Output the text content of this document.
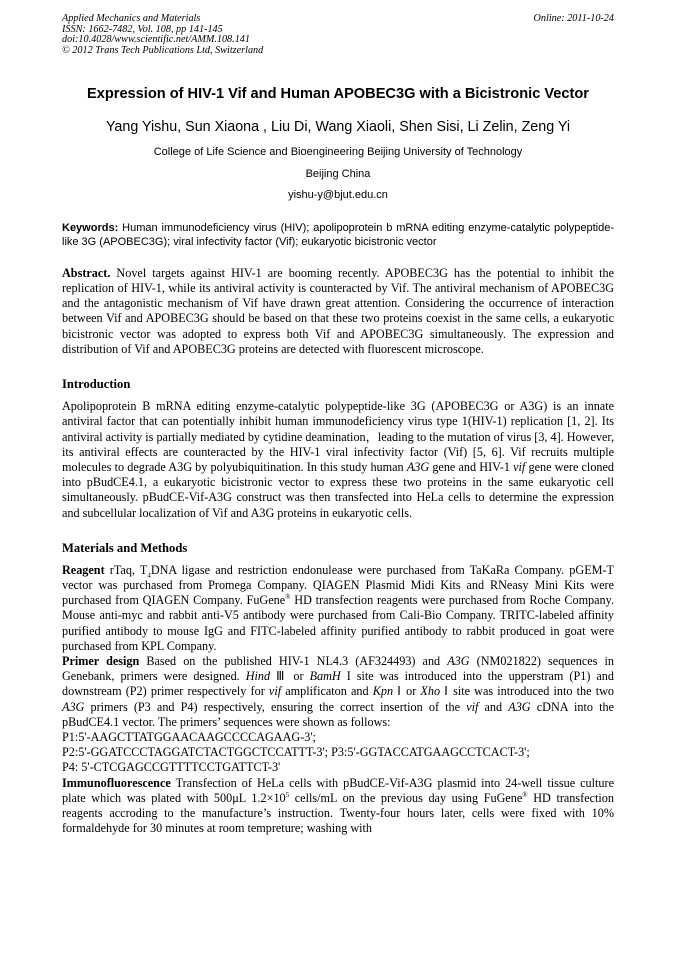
Applied Mechanics and Materials
ISSN: 1662-7482, Vol. 108, pp 141-145
doi:10.4028/www.scientific.net/AMM.108.141
© 2012 Trans Tech Publications Ltd, Switzerland
Online: 2011-10-24
Expression of HIV-1 Vif and Human APOBEC3G with a Bicistronic Vector
Yang Yishu, Sun Xiaona , Liu Di, Wang Xiaoli, Shen Sisi, Li Zelin, Zeng Yi
College of Life Science and Bioengineering Beijing University of Technology
Beijing China
yishu-y@bjut.edu.cn
Keywords: Human immunodeficiency virus (HIV); apolipoprotein b mRNA editing enzyme-catalytic polypeptide-like 3G (APOBEC3G); viral infectivity factor (Vif); eukaryotic bicistronic vector
Abstract. Novel targets against HIV-1 are booming recently. APOBEC3G has the potential to inhibit the replication of HIV-1, while its antiviral activity is counteracted by Vif. The antiviral mechanism of APOBEC3G and the antagonistic mechanism of Vif have drawn great attention. Considering the occurrence of interaction between Vif and APOBEC3G should be based on that these two proteins coexist in the same cells, a eukaryotic bicistronic vector was adopted to express both Vif and APOBEC3G simultaneously. The expression and distribution of Vif and APOBEC3G proteins are detected with fluorescent microscope.
Introduction
Apolipoprotein B mRNA editing enzyme-catalytic polypeptide-like 3G (APOBEC3G or A3G) is an innate antiviral factor that can potentially inhibit human immunodeficiency virus type 1(HIV-1) replication [1, 2]. Its antiviral activity is partially mediated by cytidine deamination，leading to the mutation of virus [3, 4]. However, its antiviral effects are counteracted by the HIV-1 viral infectivity factor (Vif) [5, 6]. Vif recruits multiple molecules to degrade A3G by polyubiquitination. In this study human A3G gene and HIV-1 vif gene were cloned into pBudCE4.1, a eukaryotic bicistronic vector to express these two proteins in the same eukaryotic cell simultaneously. pBudCE-Vif-A3G construct was then transfected into HeLa cells to determine the expression and subcellular localization of Vif and A3G proteins in eukaryotic cells.
Materials and Methods
Reagent rTaq, $T_4DNA$ ligase and restriction endonulease were purchased from TaKaRa Company. pGEM-T vector was purchased from Promega Company. QIAGEN Plasmid Midi Kits and RNeasy Mini Kits were purchased from QIAGEN Company. FuGene® HD transfection reagents were purchased from Roche Company. Mouse anti-myc and rabbit anti-V5 antibody were purchased from Cali-Bio Company. TRITC-labeled affinity purified antibody to mouse IgG and FITC-labeled affinity purified antibody to rabbit produced in goat were purchased from KPL Company.
Primer design Based on the published HIV-1 NL4.3 (AF324493) and A3G (NM021822) sequences in Genebank, primers were designed. Hind Ⅲ or BamH I site was introduced into the upperstram (P1) and downstream (P2) primer respectively for vif amplificaton and Kpn Ⅰ or Xho Ⅰ site was introduced into the two A3G primers (P3 and P4) respectively, ensuring the correct insertion of the vif and A3G cDNA into the pBudCE4.1 vector. The primers’ sequences were shown as follows:
P1:5'-AAGCTTATGGAACAAGCCCCAGAAG-3';
P2:5'-GGATCCCTAGGATCTACTGGCTCCATTT-3'; P3:5'-GGTACCATGAAGCCTCACT-3';
P4: 5'-CTCGAGCCGTTTTCCTGATTCT-3'
Immunofluorescence Transfection of HeLa cells with pBudCE-Vif-A3G plasmid into 24-well tissue culture plate which was plated with 500μL $1.2\times 10^5$ cells/mL on the previous day using FuGene® HD transfection reagents accroding to the manufacture’s instruction. Twenty-four hours later, cells were fixed with 10% formaldehyde for 30 minutes at room tempreture; washing with
